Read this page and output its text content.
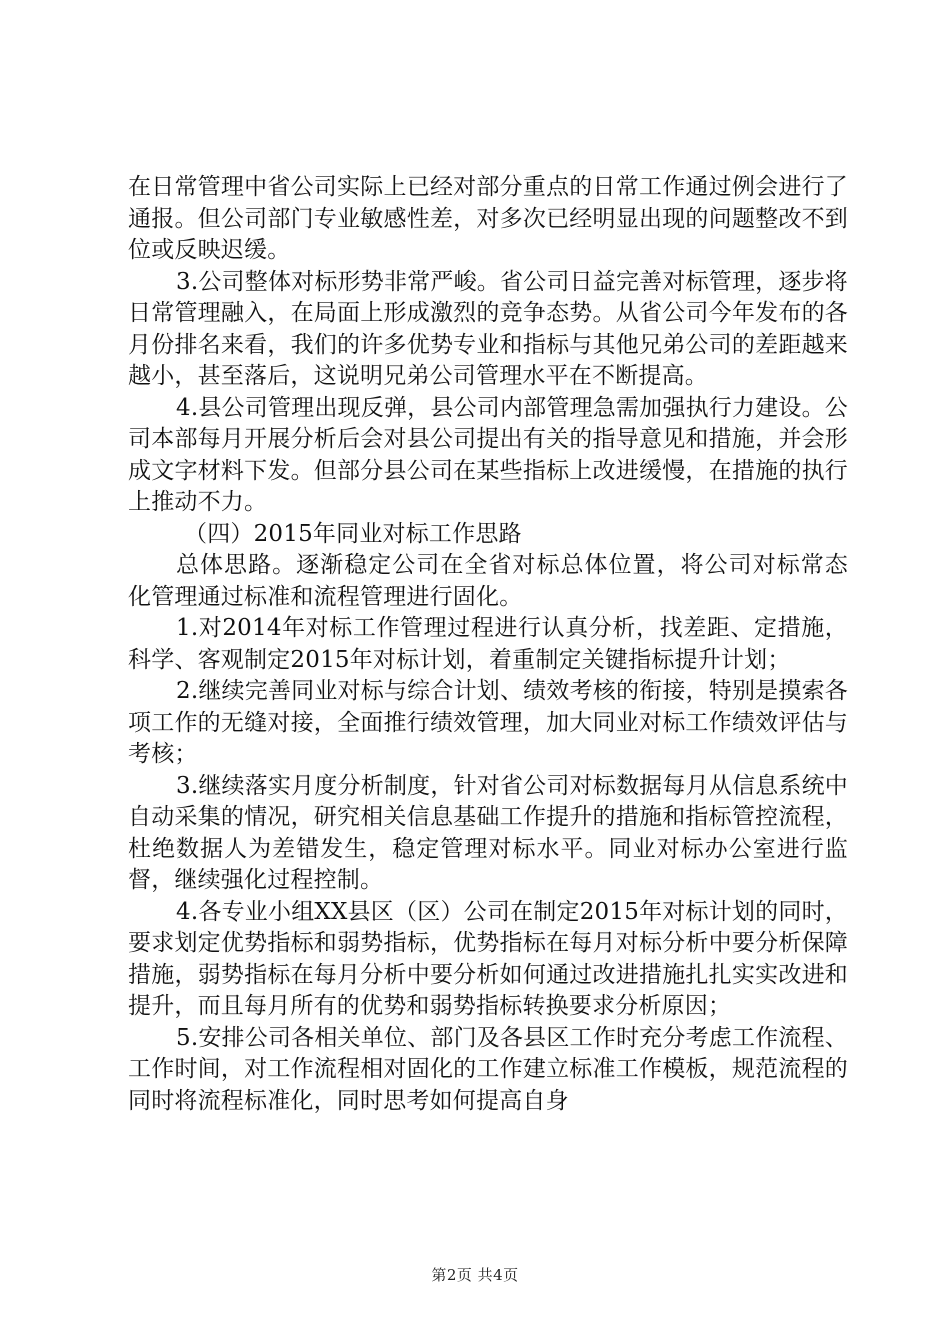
在日常管理中省公司实际上已经对部分重点的日常工作通过例会进行了通报。但公司部门专业敏感性差，对多次已经明显出现的问题整改不到位或反映迟缓。

3.公司整体对标形势非常严峻。省公司日益完善对标管理，逐步将日常管理融入，在局面上形成激烈的竞争态势。从省公司今年发布的各月份排名来看，我们的许多优势专业和指标与其他兄弟公司的差距越来越小，甚至落后，这说明兄弟公司管理水平在不断提高。

4.县公司管理出现反弹，县公司内部管理急需加强执行力建设。公司本部每月开展分析后会对县公司提出有关的指导意见和措施，并会形成文字材料下发。但部分县公司在某些指标上改进缓慢，在措施的执行上推动不力。

（四）2015年同业对标工作思路

总体思路。逐渐稳定公司在全省对标总体位置，将公司对标常态化管理通过标准和流程管理进行固化。

1.对2014年对标工作管理过程进行认真分析，找差距、定措施，科学、客观制定2015年对标计划，着重制定关键指标提升计划；

2.继续完善同业对标与综合计划、绩效考核的衔接，特别是摸索各项工作的无缝对接，全面推行绩效管理，加大同业对标工作绩效评估与考核；

3.继续落实月度分析制度，针对省公司对标数据每月从信息系统中自动采集的情况，研究相关信息基础工作提升的措施和指标管控流程，杜绝数据人为差错发生，稳定管理对标水平。同业对标办公室进行监督，继续强化过程控制。

4.各专业小组XX县区（区）公司在制定2015年对标计划的同时，要求划定优势指标和弱势指标，优势指标在每月对标分析中要分析保障措施，弱势指标在每月分析中要分析如何通过改进措施扎扎实实改进和提升，而且每月所有的优势和弱势指标转换要求分析原因；

5.安排公司各相关单位、部门及各县区工作时充分考虑工作流程、工作时间，对工作流程相对固化的工作建立标准工作模板，规范流程的同时将流程标准化，同时思考如何提高自身

第2页 共4页
